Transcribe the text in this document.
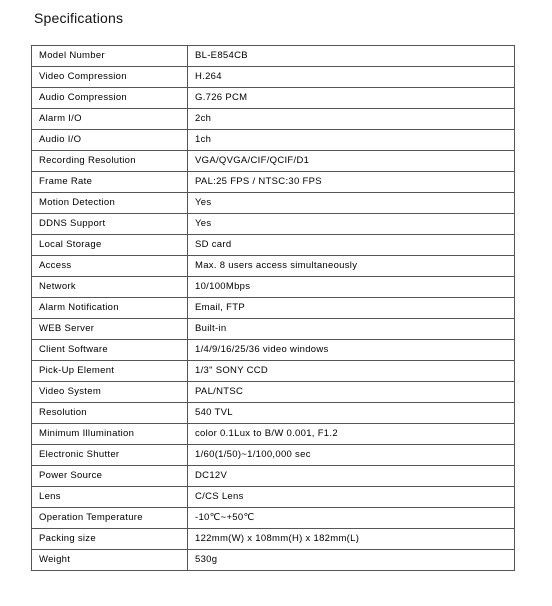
Specifications
Model Number	BL-E854CB
Video Compression	H.264
Audio Compression	G.726 PCM
Alarm I/O	2ch
Audio I/O	1ch
Recording Resolution	VGA/QVGA/CIF/QCIF/D1
Frame Rate	PAL:25 FPS / NTSC:30 FPS
Motion Detection	Yes
DDNS Support	Yes
Local Storage	SD card
Access	Max. 8 users access simultaneously
Network	10/100Mbps
Alarm Notification	Email, FTP
WEB Server	Built-in
Client Software	1/4/9/16/25/36 video windows
Pick-Up Element	1/3" SONY CCD
Video System	PAL/NTSC
Resolution	540 TVL
Minimum Illumination	color 0.1Lux to B/W 0.001, F1.2
Electronic Shutter	1/60(1/50)~1/100,000 sec
Power Source	DC12V
Lens	C/CS Lens
Operation Temperature	-10℃~+50℃
Packing size	122mm(W) x 108mm(H) x 182mm(L)
Weight	530g
